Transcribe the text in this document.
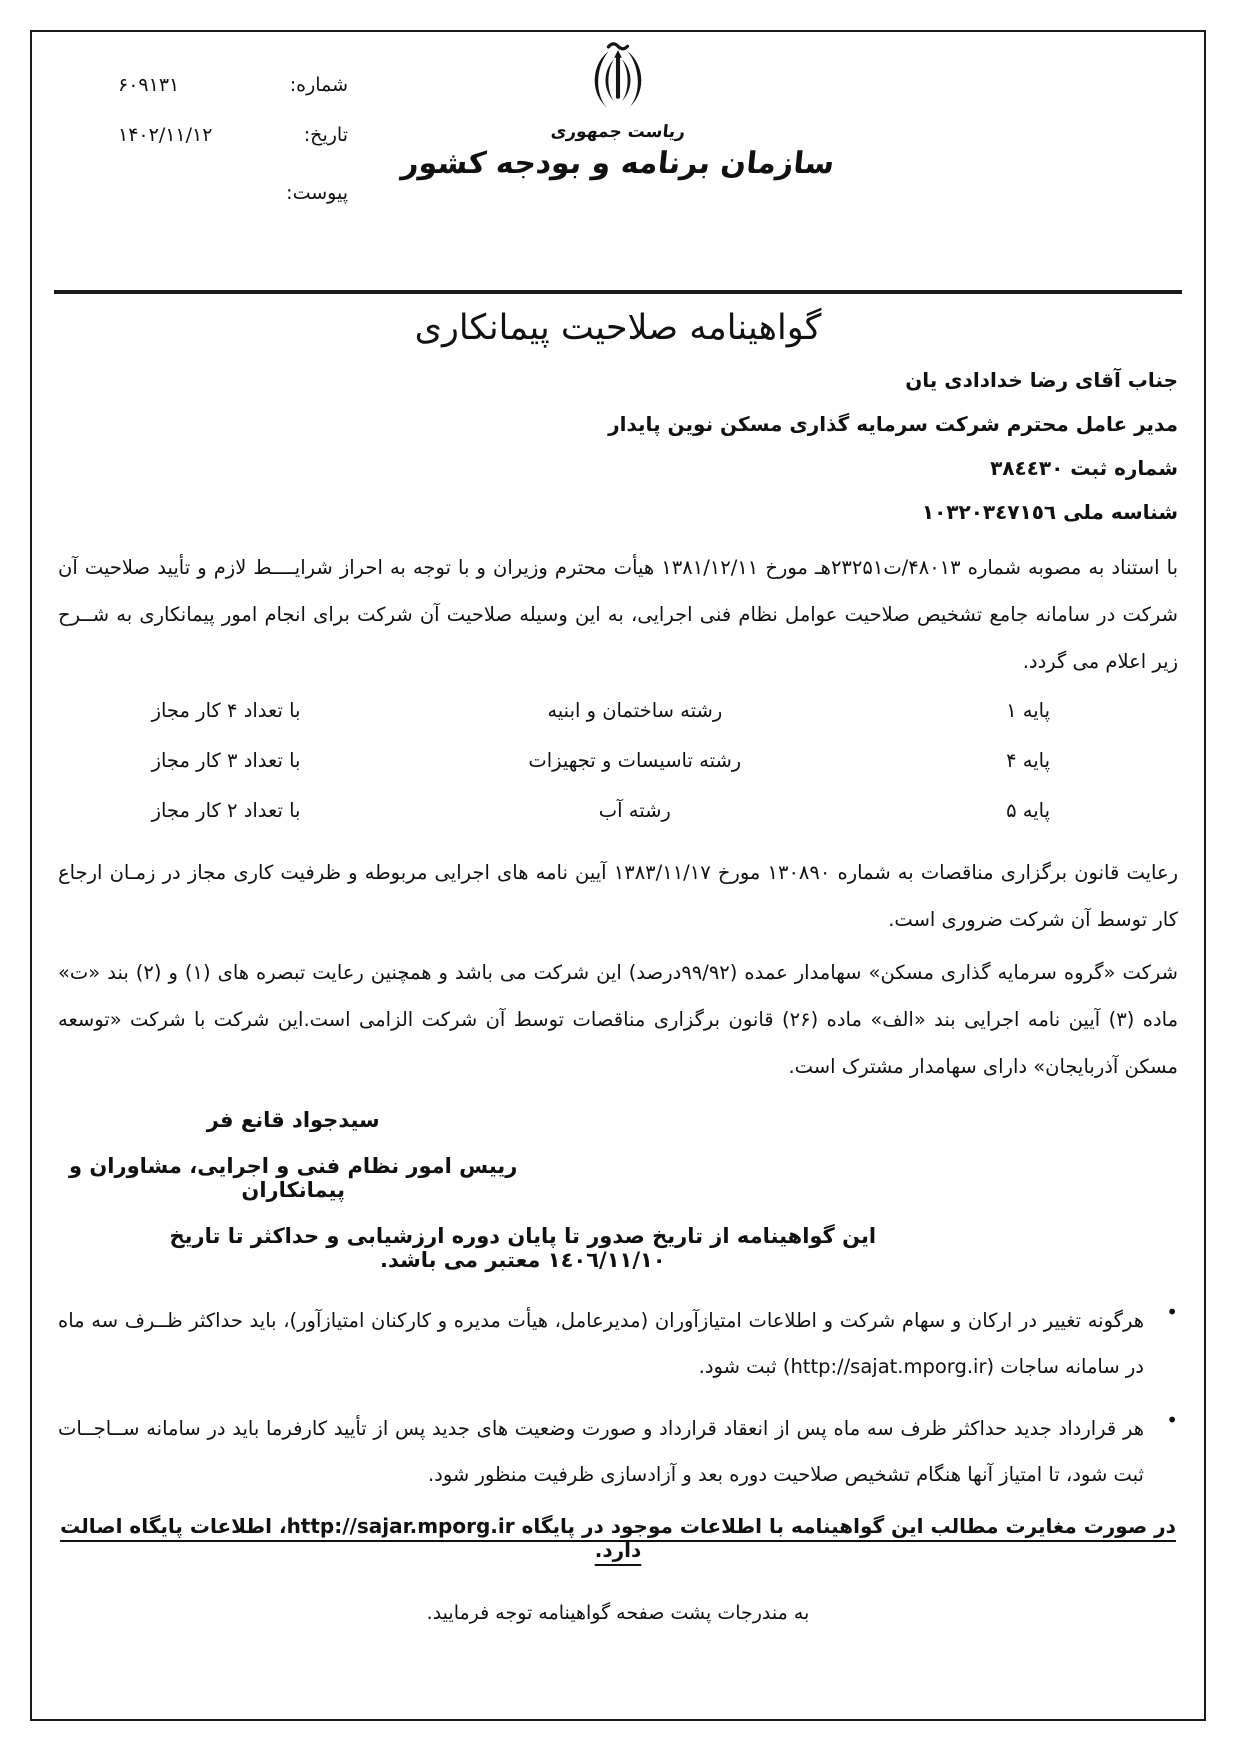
شماره:
۶۰۹۱۳۱
تاریخ:
۱۴۰۲/۱۱/۱۲
پیوست:
ریاست جمهوری
سازمان برنامه و بودجه کشور
گواهینامه صلاحیت پیمانکاری
جناب آقای رضا خدادادی یان
مدیر عامل محترم شرکت سرمایه گذاری مسکن نوین پایدار
شماره ثبت ٣٨٤٤٣٠
شناسه ملی ١٠٣٢٠٣٤٧١٥٦

با استناد به مصوبه شماره ۴۸۰۱۳/ت۲۳۲۵۱هـ مورخ ۱۳۸۱/۱۲/۱۱ هیأت محترم وزیران و با توجه به احراز شرایــــط لازم و تأیید صلاحیت آن شرکت در سامانه جامع تشخیص صلاحیت عوامل نظام فنی اجرایی، به این وسیله صلاحیت آن شرکت برای انجام امور پیمانکاری به شــرح زیر اعلام می گردد.

پایه ۱
رشته ساختمان و ابنیه
با تعداد ۴ کار مجاز
پایه ۴
رشته تاسیسات و تجهیزات
با تعداد ۳ کار مجاز
پایه ۵
رشته آب
با تعداد ۲ کار مجاز

رعایت قانون برگزاری مناقصات به شماره ۱۳۰۸۹۰ مورخ ۱۳۸۳/۱۱/۱۷ آیین نامه های اجرایی مربوطه و ظرفیت کاری مجاز در زمـان ارجاع کار توسط آن شرکت ضروری است.

شرکت «گروه سرمایه گذاری مسکن» سهامدار عمده (۹۹/۹۲درصد) این شرکت می باشد و همچنین رعایت تبصره های (۱) و (۲) بند «ت» ماده (۳) آیین نامه اجرایی بند «الف» ماده (۲۶) قانون برگزاری مناقصات توسط آن شرکت الزامی است.این شرکت با شرکت «توسعه مسکن آذربایجان» دارای سهامدار مشترک است.

سیدجواد قانع فر
رییس امور نظام فنی و اجرایی، مشاوران و پیمانکاران
این گواهینامه از تاریخ صدور تا پایان دوره ارزشیابی و حداکثر تا تاریخ ١٤٠٦/١١/١٠ معتبر می باشد.
•
هرگونه تغییر در ارکان و سهام شرکت و اطلاعات امتیازآوران (مدیرعامل، هیأت مدیره و کارکنان امتیازآور)، باید حداکثر ظــرف سه ماه در سامانه ساجات (http://sajat.mporg.ir) ثبت شود.
•
هر قرارداد جدید حداکثر ظرف سه ماه پس از انعقاد قرارداد و صورت وضعیت های جدید پس از تأیید کارفرما باید در سامانه ســاجــات ثبت شود، تا امتیاز آنها هنگام تشخیص صلاحیت دوره بعد و آزادسازی ظرفیت منظور شود.
در صورت مغایرت مطالب این گواهینامه با اطلاعات موجود در پایگاه http://sajar.mporg.ir، اطلاعات پایگاه اصالت دارد.
به مندرجات پشت صفحه گواهینامه توجه فرمایید.
